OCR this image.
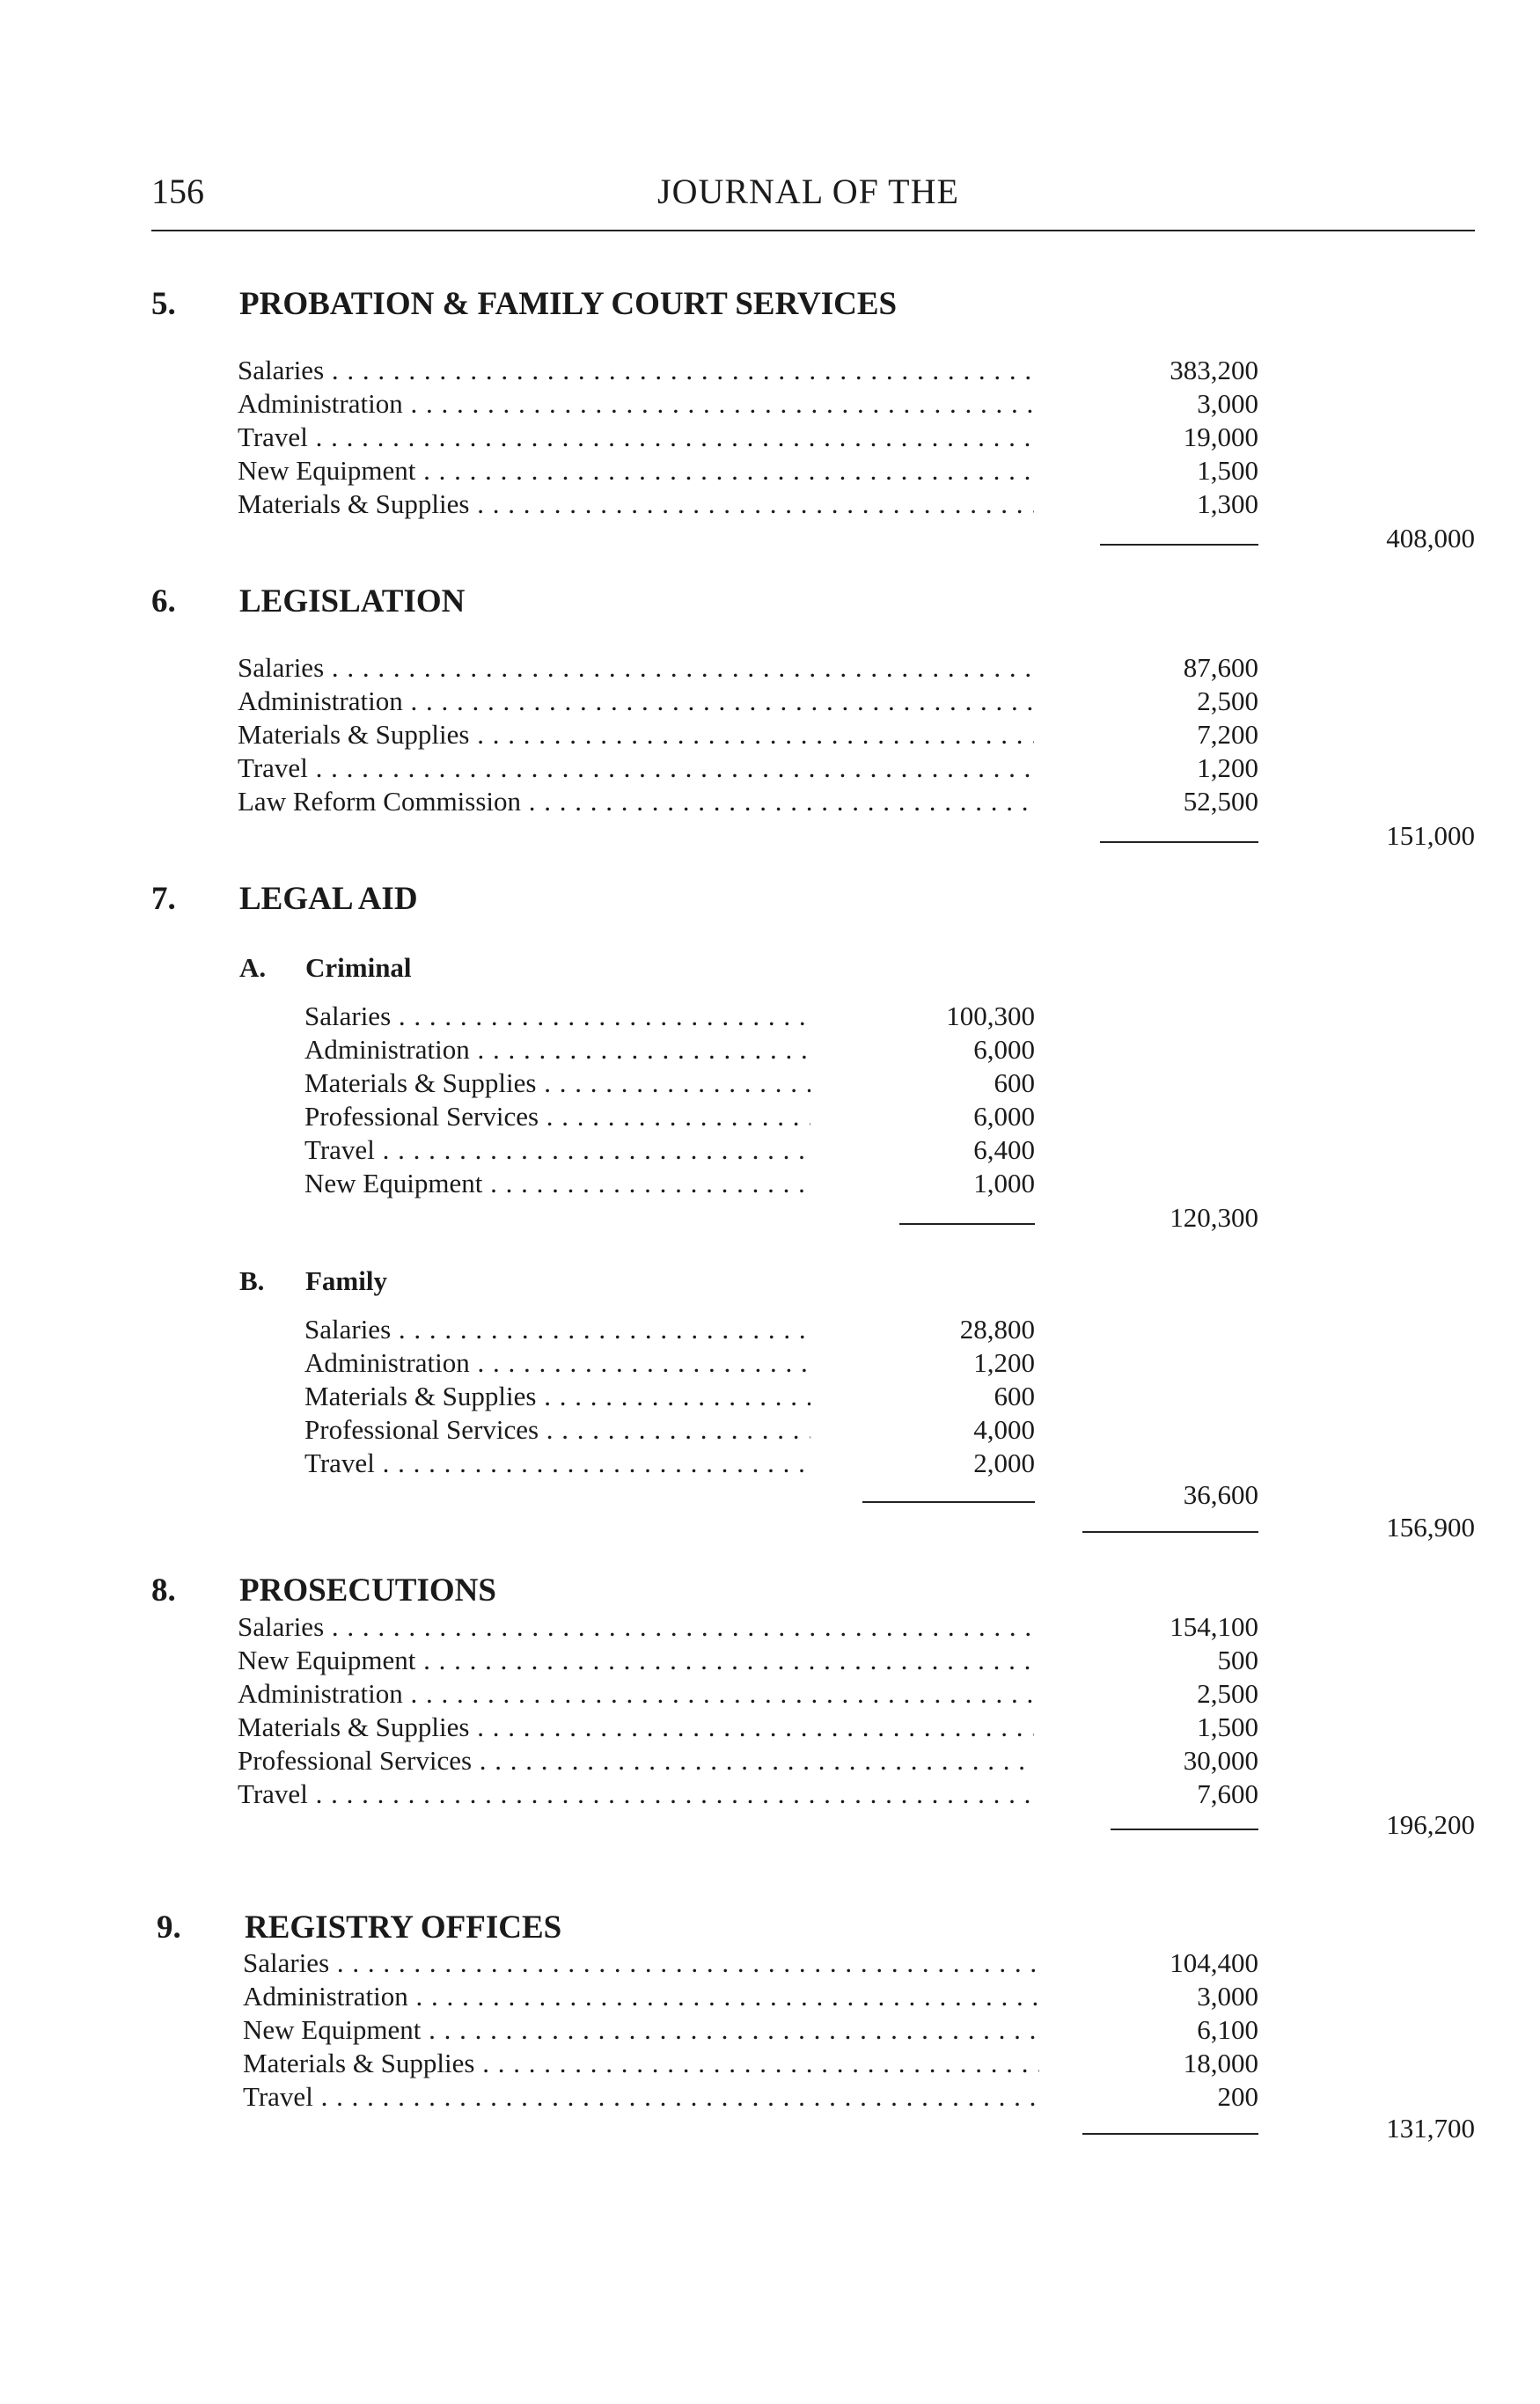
156	JOURNAL OF THE
5.	PROBATION & FAMILY COURT SERVICES
Salaries . . .	383,200
Administration . . .	3,000
Travel . . .	19,000
New Equipment . . .	1,500
Materials & Supplies . . .	1,300
408,000
6.	LEGISLATION
Salaries . . .	87,600
Administration . . .	2,500
Materials & Supplies . . .	7,200
Travel . . .	1,200
Law Reform Commission . . .	52,500
151,000
7.	LEGAL AID
A. Criminal
Salaries . . .	100,300
Administration . . .	6,000
Materials & Supplies . . .	600
Professional Services . . .	6,000
Travel . . .	6,400
New Equipment . . .	1,000
120,300
B. Family
Salaries . . .	28,800
Administration . . .	1,200
Materials & Supplies . . .	600
Professional Services . . .	4,000
Travel . . .	2,000
36,600
156,900
8.	PROSECUTIONS
Salaries . . .	154,100
New Equipment . . .	500
Administration . . .	2,500
Materials & Supplies . . .	1,500
Professional Services . . .	30,000
Travel . . .	7,600
196,200
9.	REGISTRY OFFICES
Salaries . . .	104,400
Administration . . .	3,000
New Equipment . . .	6,100
Materials & Supplies . . .	18,000
Travel . . .	200
131,700
